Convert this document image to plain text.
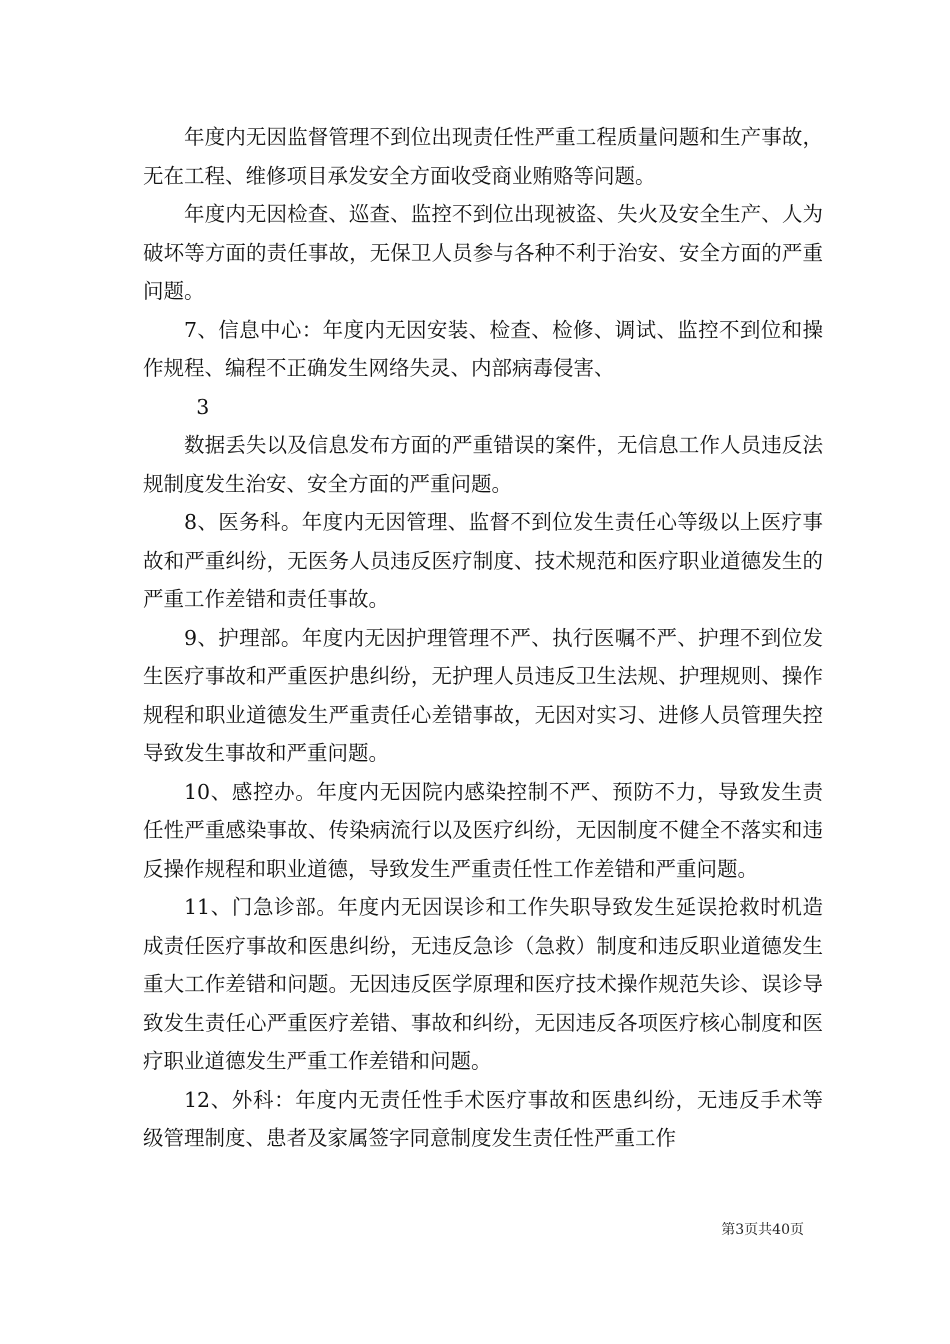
年度内无因监督管理不到位出现责任性严重工程质量问题和生产事故，无在工程、维修项目承发安全方面收受商业贿赂等问题。

年度内无因检查、巡查、监控不到位出现被盗、失火及安全生产、人为破坏等方面的责任事故，无保卫人员参与各种不利于治安、安全方面的严重问题。

7、信息中心：年度内无因安装、检查、检修、调试、监控不到位和操作规程、编程不正确发生网络失灵、内部病毒侵害、

3

数据丢失以及信息发布方面的严重错误的案件，无信息工作人员违反法规制度发生治安、安全方面的严重问题。

8、医务科。年度内无因管理、监督不到位发生责任心等级以上医疗事故和严重纠纷，无医务人员违反医疗制度、技术规范和医疗职业道德发生的严重工作差错和责任事故。

9、护理部。年度内无因护理管理不严、执行医嘱不严、护理不到位发生医疗事故和严重医护患纠纷，无护理人员违反卫生法规、护理规则、操作规程和职业道德发生严重责任心差错事故，无因对实习、进修人员管理失控导致发生事故和严重问题。

10、感控办。年度内无因院内感染控制不严、预防不力，导致发生责任性严重感染事故、传染病流行以及医疗纠纷，无因制度不健全不落实和违反操作规程和职业道德，导致发生严重责任性工作差错和严重问题。

11、门急诊部。年度内无因误诊和工作失职导致发生延误抢救时机造成责任医疗事故和医患纠纷，无违反急诊（急救）制度和违反职业道德发生重大工作差错和问题。无因违反医学原理和医疗技术操作规范失诊、误诊导致发生责任心严重医疗差错、事故和纠纷，无因违反各项医疗核心制度和医疗职业道德发生严重工作差错和问题。

12、外科：年度内无责任性手术医疗事故和医患纠纷，无违反手术等级管理制度、患者及家属签字同意制度发生责任性严重工作

第3页共40页
